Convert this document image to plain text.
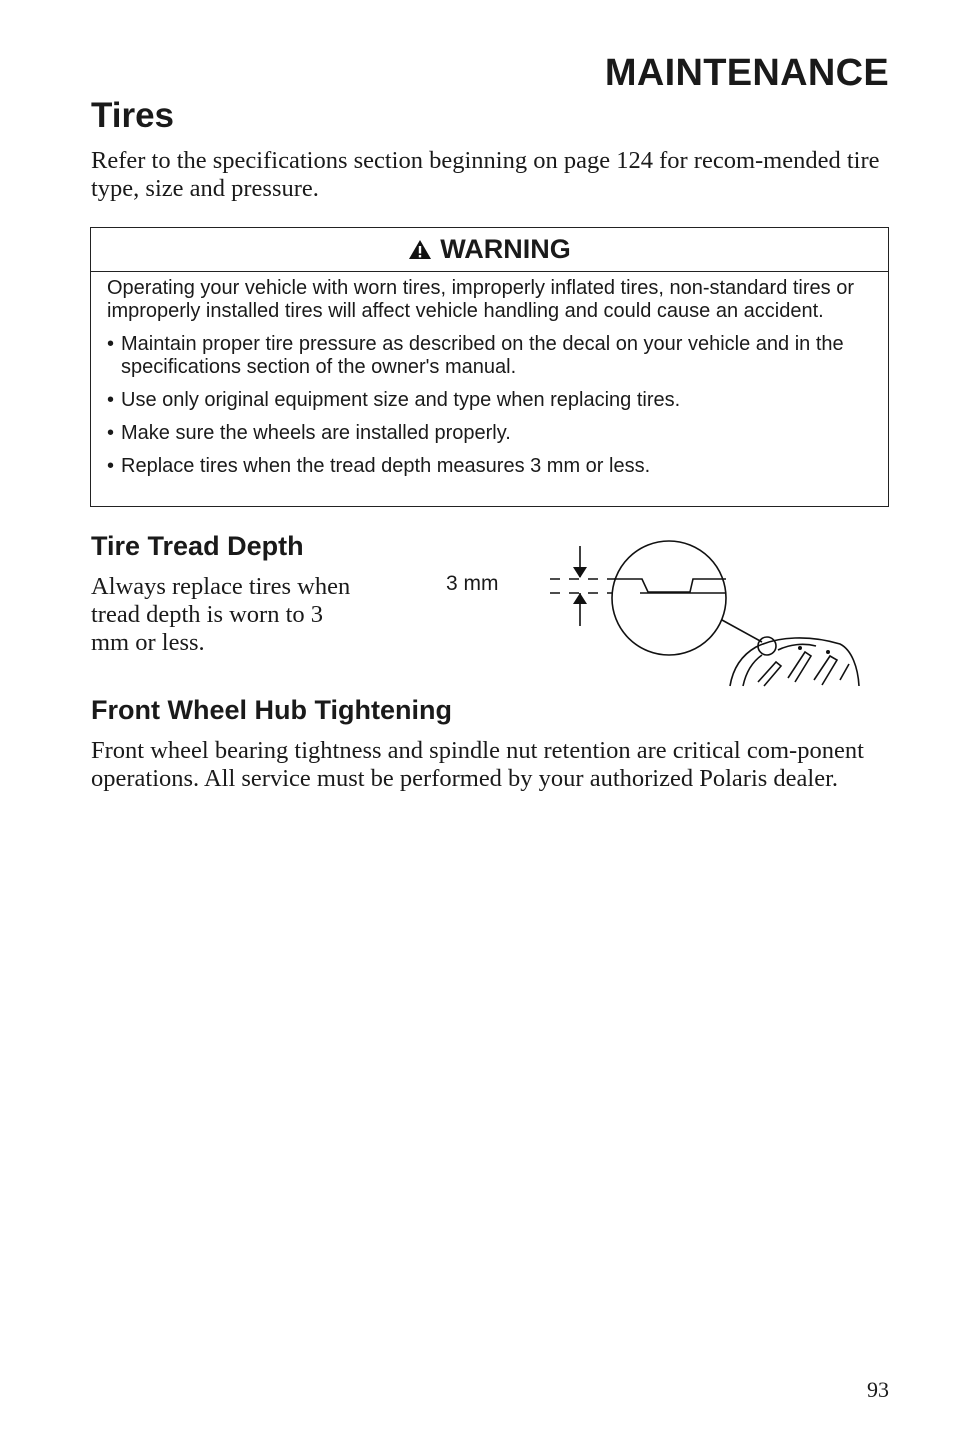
MAINTENANCE
Tires

Refer to the specifications section beginning on page 124 for recom-mended tire type, size and pressure.

WARNING

Operating your vehicle with worn tires, improperly inflated tires, non-standard tires or improperly installed tires will affect vehicle handling and could cause an accident.

• Maintain proper tire pressure as described on the decal on your vehicle and in the specifications section of the owner's manual.
• Use only original equipment size and type when replacing tires.
• Make sure the wheels are installed properly.
• Replace tires when the tread depth measures 3 mm or less.
Tire Tread Depth

Always replace tires when tread depth is worn to 3 mm or less.

3 mm
Front Wheel Hub Tightening

Front wheel bearing tightness and spindle nut retention are critical com-ponent operations. All service must be performed by your authorized Polaris dealer.

93
